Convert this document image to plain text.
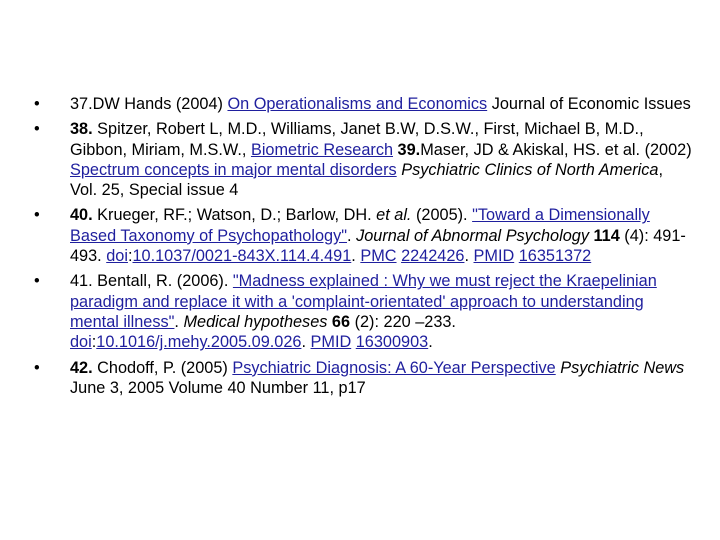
•	37.DW Hands (2004) On Operationalisms and Economics Journal of Economic Issues
•	38. Spitzer, Robert L, M.D., Williams, Janet B.W, D.S.W., First, Michael B, M.D., Gibbon, Miriam, M.S.W., Biometric Research 39.Maser, JD & Akiskal, HS. et al. (2002) Spectrum concepts in major mental disorders Psychiatric Clinics of North America, Vol. 25, Special issue 4
•	40. Krueger, RF.; Watson, D.; Barlow, DH. et al. (2005). "Toward a Dimensionally Based Taxonomy of Psychopathology". Journal of Abnormal Psychology 114 (4): 491-493. doi:10.1037/0021-843X.114.4.491. PMC 2242426. PMID 16351372
•	41. Bentall, R. (2006). "Madness explained : Why we must reject the Kraepelinian paradigm and replace it with a 'complaint-orientated' approach to understanding mental illness". Medical hypotheses 66 (2): 220 –233. doi:10.1016/j.mehy.2005.09.026. PMID 16300903.
•	42. Chodoff, P. (2005) Psychiatric Diagnosis: A 60-Year Perspective Psychiatric News June 3, 2005 Volume 40 Number 11, p17
